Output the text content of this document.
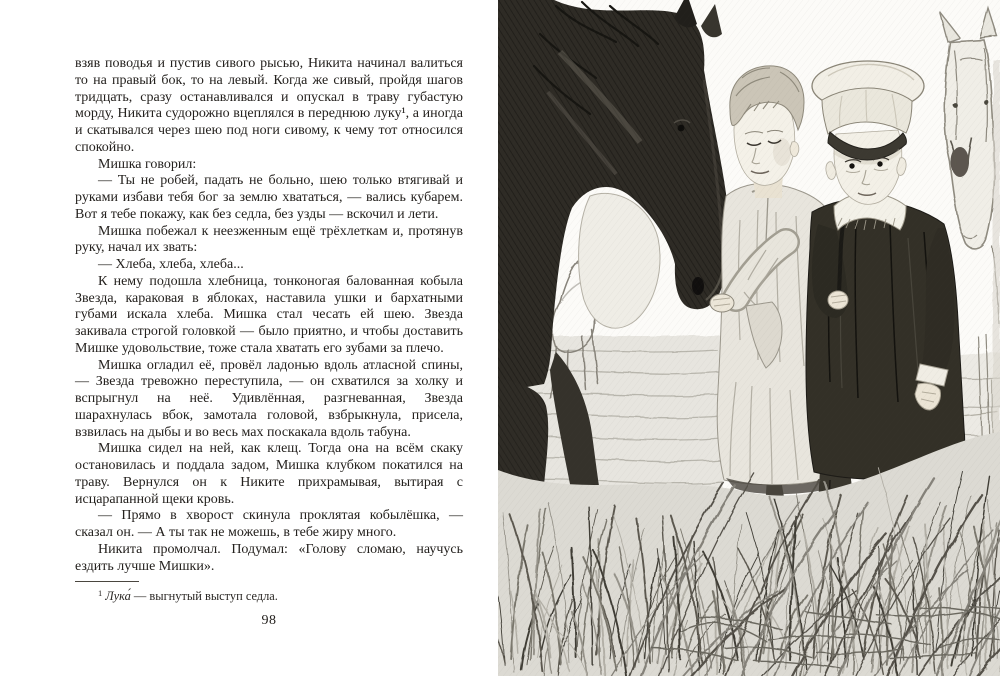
взяв поводья и пустив сивого рысью, Никита начинал валиться то на правый бок, то на левый. Когда же сивый, пройдя шагов тридцать, сразу останавливался и опускал в траву губастую морду, Никита судорожно вцеплялся в переднюю луку¹, а иногда и скатывался через шею под ноги сивому, к чему тот относился спокойно.

Мишка говорил:

— Ты не робей, падать не больно, шею только втягивай и руками избави тебя бог за землю хвататься, — вались кубарем. Вот я тебе покажу, как без седла, без узды — вскочил и лети.

Мишка побежал к неезженным ещё трёхлеткам и, протянув руку, начал их звать:

— Хлеба, хлеба, хлеба...

К нему подошла хлебница, тонконогая балованная кобыла Звезда, караковая в яблоках, наставила ушки и бархатными губами искала хлеба. Мишка стал чесать ей шею. Звезда закивала строгой головкой — было приятно, и чтобы доставить Мишке удовольствие, тоже стала хватать его зубами за плечо.

Мишка огладил её, провёл ладонью вдоль атласной спины, — Звезда тревожно переступила, — он схватился за холку и вспрыгнул на неё. Удивлённая, разгневанная, Звезда шарахнулась вбок, замотала головой, взбрыкнула, присела, взвилась на дыбы и во весь мах поскакала вдоль табуна.

Мишка сидел на ней, как клещ. Тогда она на всём скаку остановилась и поддала задом, Мишка клубком покатился на траву. Вернулся он к Никите прихрамывая, вытирая с исцарапанной щеки кровь.

— Прямо в хворост скинула проклятая кобылёшка, — сказал он. — А ты так не можешь, в тебе жиру много.

Никита промолчал. Подумал: «Голову сломаю, научусь ездить лучше Мишки».

$^1$ Лука́ — выгнутый выступ седла.

98
